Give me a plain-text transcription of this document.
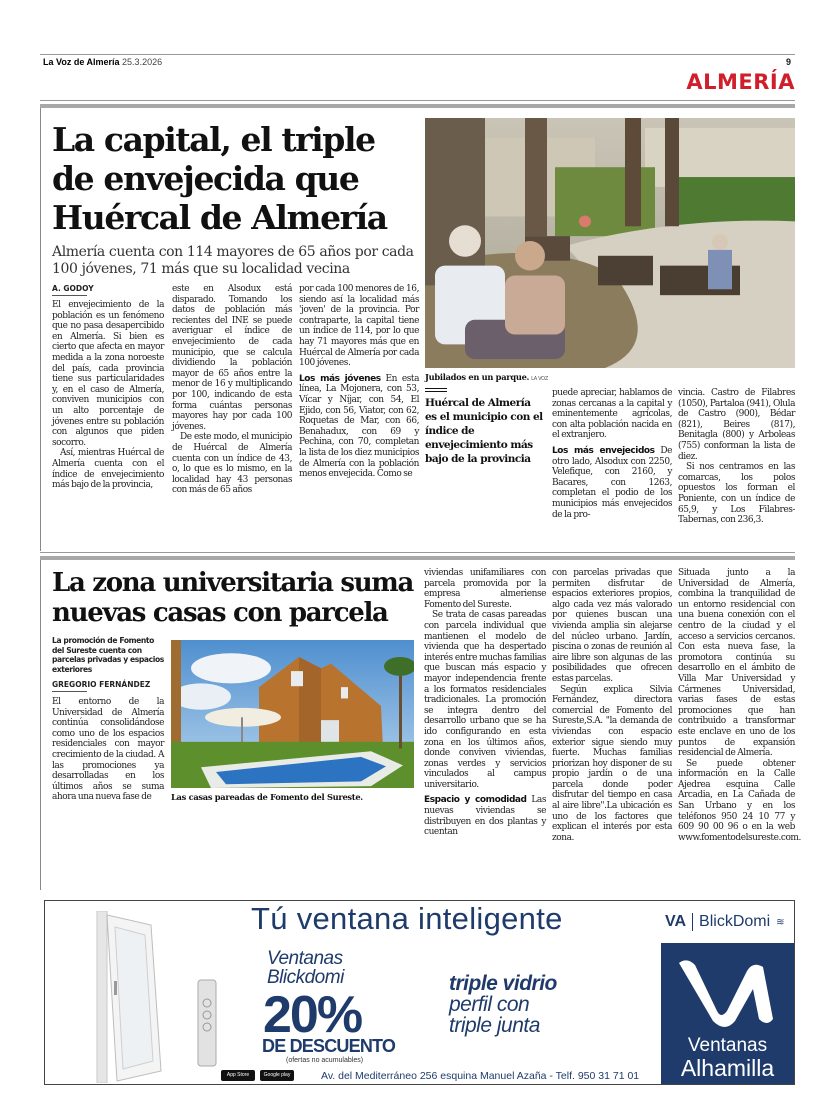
La Voz de Almería 25.3.2026	9
ALMERÍA
La capital, el triple de envejecida que Huércal de Almería
Almería cuenta con 114 mayores de 65 años por cada 100 jóvenes, 71 más que su localidad vecina
A. GODOY

El envejecimiento de la población es un fenómeno que no pasa desapercibido en Almería. Si bien es cierto que afecta en mayor medida a la zona noroeste del país, cada provincia tiene sus particularidades y, en el caso de Almería, conviven municipios con un alto porcentaje de jóvenes entre su población con algunos que piden socorro.

Así, mientras Huércal de Almería cuenta con el índice de envejecimiento más bajo de la provincia,

este en Alsodux está disparado. Tomando los datos de población más recientes del INE se puede averiguar el índice de envejecimiento de cada municipio, que se calcula dividiendo la población mayor de 65 años entre la menor de 16 y multiplicando por 100, indicando de esta forma cuántas personas mayores hay por cada 100 jóvenes.

De este modo, el municipio de Huércal de Almería cuenta con un índice de 43, o, lo que es lo mismo, en la localidad hay 43 personas con más de 65 años

por cada 100 menores de 16, siendo así la localidad más 'joven' de la provincia. Por contraparte, la capital tiene un índice de 114, por lo que hay 71 mayores más que en Huércal de Almería por cada 100 jóvenes.

Los más jóvenes En esta línea, La Mojonera, con 53, Vícar y Níjar, con 54, El Ejido, con 56, Viator, con 62, Roquetas de Mar, con 66, Benahadux, con 69 y Pechina, con 70, completan la lista de los diez municipios de Almería con la población menos envejecida. Como se

Jubilados en un parque. LA VOZ
Huércal de Almería es el municipio con el índice de envejecimiento más bajo de la provincia

puede apreciar, hablamos de zonas cercanas a la capital y eminentemente agrícolas, con alta población nacida en el extranjero.

Los más envejecidos De otro lado, Alsodux con 2250, Velefique, con 2160, y Bacares, con 1263, completan el podio de los municipios más envejecidos de la pro-

vincia. Castro de Filabres (1050), Partaloa (941), Olula de Castro (900), Bédar (821), Beires (817), Benitagla (800) y Arboleas (755) conforman la lista de diez.

Si nos centramos en las comarcas, los polos opuestos los forman el Poniente, con un índice de 65,9, y Los Filabres-Tabernas, con 236,3.

La zona universitaria suma nuevas casas con parcela
La promoción de Fomento del Sureste cuenta con parcelas privadas y espacios exteriores
GREGORIO FERNÁNDEZ

El entorno de la Universidad de Almería continúa consolidándose como uno de los espacios residenciales con mayor crecimiento de la ciudad. A las promociones ya desarrolladas en los últimos años se suma ahora una nueva fase de	Las casas pareadas de Fomento del Sureste.

viviendas unifamiliares con parcela promovida por la empresa almeriense Fomento del Sureste.

Se trata de casas pareadas con parcela individual que mantienen el modelo de vivienda que ha despertado interés entre muchas familias que buscan más espacio y mayor independencia frente a los formatos residenciales tradicionales. La promoción se integra dentro del desarrollo urbano que se ha ido configurando en esta zona en los últimos años, donde conviven viviendas, zonas verdes y servicios vinculados al campus universitario.

Espacio y comodidad Las nuevas viviendas se distribuyen en dos plantas y cuentan

con parcelas privadas que permiten disfrutar de espacios exteriores propios, algo cada vez más valorado por quienes buscan una vivienda amplia sin alejarse del núcleo urbano. Jardín, piscina o zonas de reunión al aire libre son algunas de las posibilidades que ofrecen estas parcelas.

Según explica Silvia Fernández, directora comercial de Fomento del Sureste,S.A. "la demanda de viviendas con espacio exterior sigue siendo muy fuerte. Muchas familias priorizan hoy disponer de su propio jardín o de una parcela donde poder disfrutar del tiempo en casa al aire libre".La ubicación es uno de los factores que explican el interés por esta zona.

Situada junto a la Universidad de Almería, combina la tranquilidad de un entorno residencial con una buena conexión con el centro de la ciudad y el acceso a servicios cercanos. Con esta nueva fase, la promotora continúa su desarrollo en el ámbito de Villa Mar Universidad y Cármenes Universidad, varias fases de estas promociones que han contribuido a transformar este enclave en uno de los puntos de expansión residencial de Almería.

Se puede obtener información en la Calle Ajedrea esquina Calle Arcadia, en La Cañada de San Urbano y en los teléfonos 950 24 10 77 y 609 90 00 96 o en la web www.fomentodelsureste.com.

App Store	Google play
Tú ventana inteligente
Ventanas
Blickdomi
20%
DE DESCUENTO
(ofertas no acumulables)
triple vidrio
perfil con
triple junta
Av. del Mediterráneo 256 esquina Manuel Azaña - Telf. 950 31 71 01
VA BlickDomi ≋
Ventanas
Alhamilla
